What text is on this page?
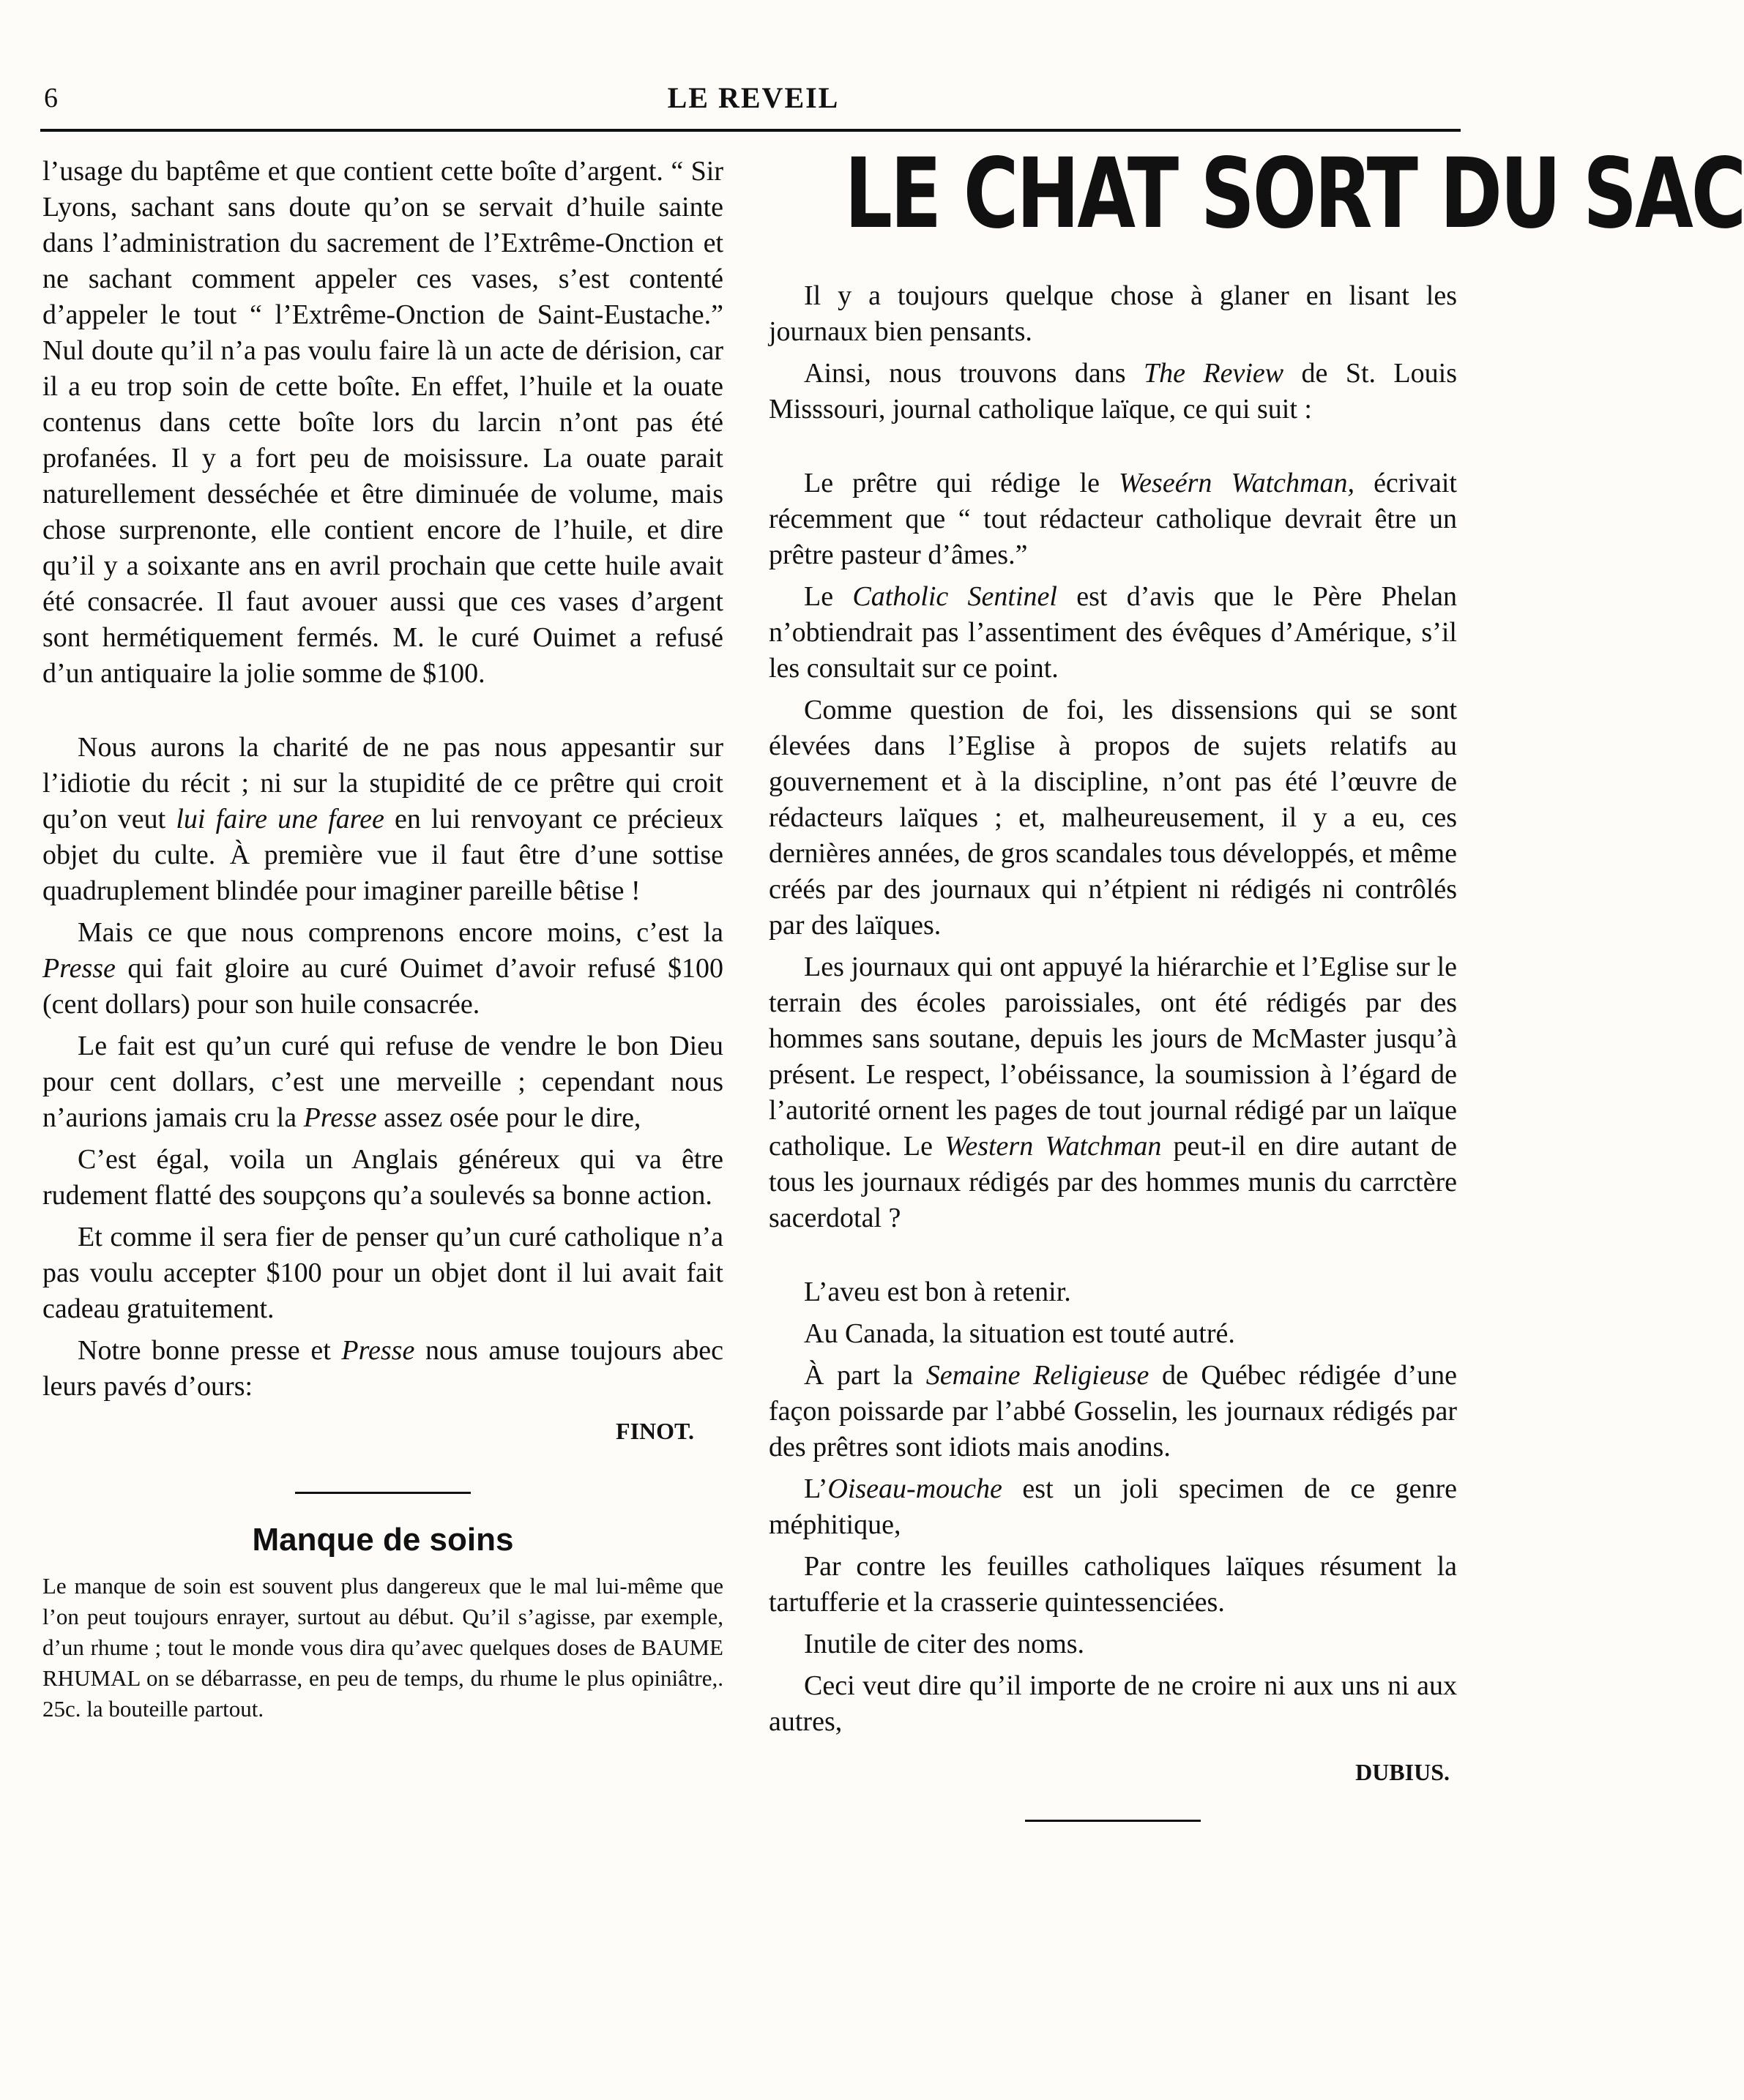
6	LE REVEIL

l’usage du baptême et que contient cette boîte d’argent. “ Sir Lyons, sachant sans doute qu’on se servait d’huile sainte dans l’administration du sacrement de l’Extrême-Onction et ne sachant comment appeler ces vases, s’est contenté d’appeler le tout “ l’Extrême-Onction de Saint-Eustache.” Nul doute qu’il n’a pas voulu faire là un acte de dérision, car il a eu trop soin de cette boîte. En effet, l’huile et la ouate contenus dans cette boîte lors du larcin n’ont pas été profanées. Il y a fort peu de moisissure. La ouate parait naturellement desséchée et être diminuée de volume, mais chose surprenonte, elle contient encore de l’huile, et dire qu’il y a soixante ans en avril prochain que cette huile avait été consacrée. Il faut avouer aussi que ces vases d’argent sont hermétiquement fermés. M. le curé Ouimet a refusé d’un antiquaire la jolie somme de $100.

Nous aurons la charité de ne pas nous appesantir sur l’idiotie du récit ; ni sur la stupidité de ce prêtre qui croit qu’on veut lui faire une faree en lui renvoyant ce précieux objet du culte. À première vue il faut être d’une sottise quadruplement blindée pour imaginer pareille bêtise !

Mais ce que nous comprenons encore moins, c’est la Presse qui fait gloire au curé Ouimet d’avoir refusé $100 (cent dollars) pour son huile consacrée.

Le fait est qu’un curé qui refuse de vendre le bon Dieu pour cent dollars, c’est une merveille ; cependant nous n’aurions jamais cru la Presse assez osée pour le dire,

C’est égal, voila un Anglais généreux qui va être rudement flatté des soupçons qu’a soulevés sa bonne action.

Et comme il sera fier de penser qu’un curé catholique n’a pas voulu accepter $100 pour un objet dont il lui avait fait cadeau gratuitement.

Notre bonne presse et Presse nous amuse toujours abec leurs pavés d’ours:

FINOT.
Manque de soins
Le manque de soin est souvent plus dangereux que le mal lui-même que l’on peut toujours enrayer, surtout au début. Qu’il s’agisse, par exemple, d’un rhume ; tout le monde vous dira qu’avec quelques doses de BAUME RHUMAL on se débarrasse, en peu de temps, du rhume le plus opiniâtre,. 25c. la bouteille partout.
LE CHAT SORT DU SAC

Il y a toujours quelque chose à glaner en lisant les journaux bien pensants.

Ainsi, nous trouvons dans The Review de St. Louis Misssouri, journal catholique laïque, ce qui suit :

Le prêtre qui rédige le Weseérn Watchman, écrivait récemment que “ tout rédacteur catholique devrait être un prêtre pasteur d’âmes.”

Le Catholic Sentinel est d’avis que le Père Phelan n’obtiendrait pas l’assentiment des évêques d’Amérique, s’il les consultait sur ce point.

Comme question de foi, les dissensions qui se sont élevées dans l’Eglise à propos de sujets relatifs au gouvernement et à la discipline, n’ont pas été l’œuvre de rédacteurs laïques ; et, malheureusement, il y a eu, ces dernières années, de gros scandales tous développés, et même créés par des journaux qui n’étpient ni rédigés ni contrôlés par des laïques.

Les journaux qui ont appuyé la hiérarchie et l’Eglise sur le terrain des écoles paroissiales, ont été rédigés par des hommes sans soutane, depuis les jours de McMaster jusqu’à présent. Le respect, l’obéissance, la soumission à l’égard de l’autorité ornent les pages de tout journal rédigé par un laïque catholique. Le Western Watchman peut-il en dire autant de tous les journaux rédigés par des hommes munis du carrctère sacerdotal ?

L’aveu est bon à retenir.

Au Canada, la situation est touté autré.

À part la Semaine Religieuse de Québec rédigée d’une façon poissarde par l’abbé Gosselin, les journaux rédigés par des prêtres sont idiots mais anodins.

L’Oiseau-mouche est un joli specimen de ce genre méphitique,

Par contre les feuilles catholiques laïques résument la tartufferie et la crasserie quintessenciées.

Inutile de citer des noms.

Ceci veut dire qu’il importe de ne croire ni aux uns ni aux autres,

DUBIUS.
